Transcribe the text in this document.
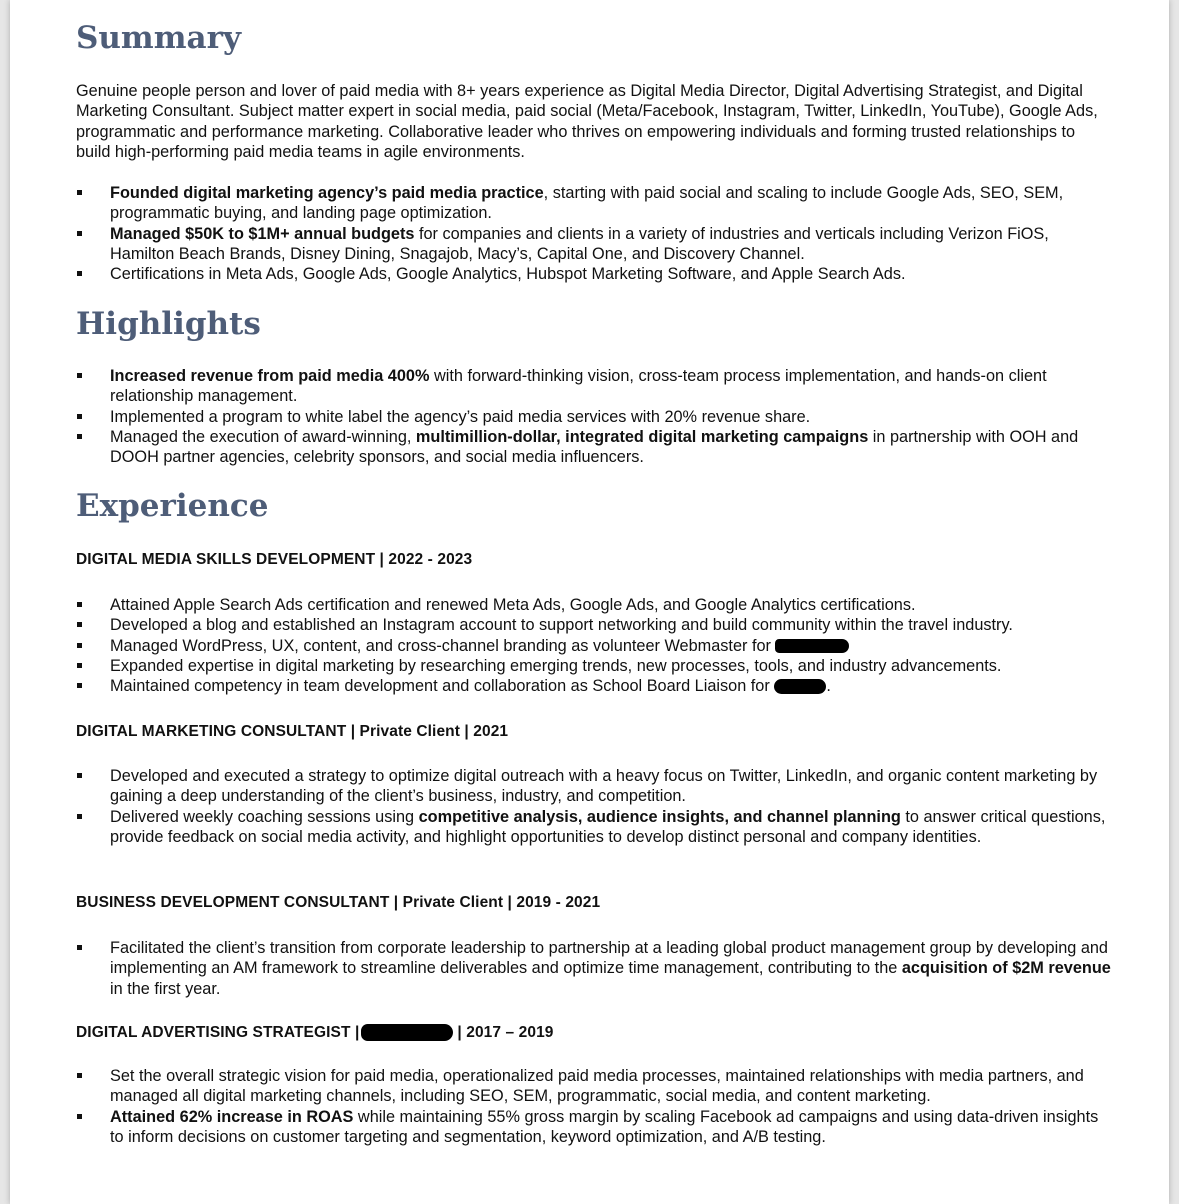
Summary

Genuine people person and lover of paid media with 8+ years experience as Digital Media Director, Digital Advertising Strategist, and Digital Marketing Consultant. Subject matter expert in social media, paid social (Meta/Facebook, Instagram, Twitter, LinkedIn, YouTube), Google Ads, programmatic and performance marketing. Collaborative leader who thrives on empowering individuals and forming trusted relationships to build high-performing paid media teams in agile environments.

Founded digital marketing agency’s paid media practice, starting with paid social and scaling to include Google Ads, SEO, SEM, programmatic buying, and landing page optimization.
Managed $50K to $1M+ annual budgets for companies and clients in a variety of industries and verticals including Verizon FiOS, Hamilton Beach Brands, Disney Dining, Snagajob, Macy’s, Capital One, and Discovery Channel.
Certifications in Meta Ads, Google Ads, Google Analytics, Hubspot Marketing Software, and Apple Search Ads.
Highlights
Increased revenue from paid media 400% with forward-thinking vision, cross-team process implementation, and hands-on client relationship management.
Implemented a program to white label the agency’s paid media services with 20% revenue share.
Managed the execution of award-winning, multimillion-dollar, integrated digital marketing campaigns in partnership with OOH and DOOH partner agencies, celebrity sponsors, and social media influencers.
Experience
DIGITAL MEDIA SKILLS DEVELOPMENT | 2022 - 2023
Attained Apple Search Ads certification and renewed Meta Ads, Google Ads, and Google Analytics certifications.
Developed a blog and established an Instagram account to support networking and build community within the travel industry.
Managed WordPress, UX, content, and cross-channel branding as volunteer Webmaster for
Expanded expertise in digital marketing by researching emerging trends, new processes, tools, and industry advancements.
Maintained competency in team development and collaboration as School Board Liaison for	.
DIGITAL MARKETING CONSULTANT | Private Client | 2021
Developed and executed a strategy to optimize digital outreach with a heavy focus on Twitter, LinkedIn, and organic content marketing by gaining a deep understanding of the client’s business, industry, and competition.
Delivered weekly coaching sessions using competitive analysis, audience insights, and channel planning to answer critical questions, provide feedback on social media activity, and highlight opportunities to develop distinct personal and company identities.
BUSINESS DEVELOPMENT CONSULTANT | Private Client | 2019 - 2021
Facilitated the client’s transition from corporate leadership to partnership at a leading global product management group by developing and implementing an AM framework to streamline deliverables and optimize time management, contributing to the acquisition of $2M revenue in the first year.
DIGITAL ADVERTISING STRATEGIST |	| 2017 – 2019
Set the overall strategic vision for paid media, operationalized paid media processes, maintained relationships with media partners, and managed all digital marketing channels, including SEO, SEM, programmatic, social media, and content marketing.
Attained 62% increase in ROAS while maintaining 55% gross margin by scaling Facebook ad campaigns and using data-driven insights to inform decisions on customer targeting and segmentation, keyword optimization, and A/B testing.
